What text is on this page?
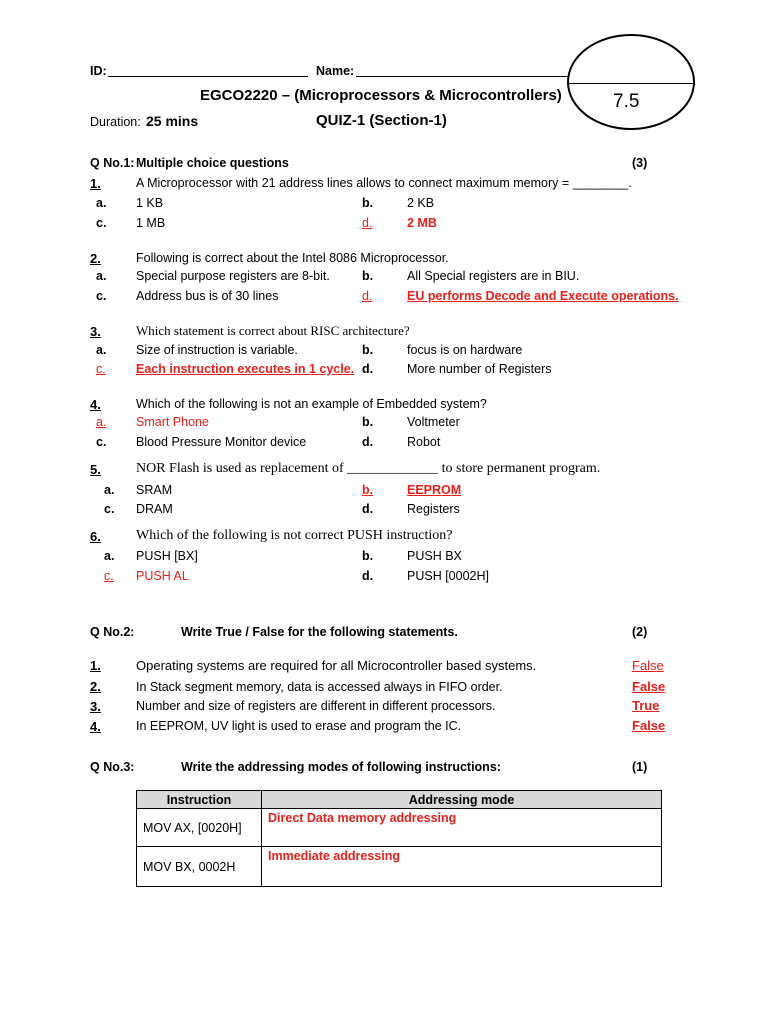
ID:	Name:
7.5
EGCO2220 – (Microprocessors & Microcontrollers)
Duration: 25 mins	QUIZ-1 (Section-1)
Q No.1: Multiple choice questions	(3)
1.	A Microprocessor with 21 address lines allows to connect maximum memory = ________.
a. 1 KB	b.	2 KB
c. 1 MB	d.	2 MB
2.	Following is correct about the Intel 8086 Microprocessor.
a. Special purpose registers are 8-bit.	b.	All Special registers are in BIU.
c. Address bus is of 30 lines	d.	EU performs Decode and Execute operations.
3.	Which statement is correct about RISC architecture?
a. Size of instruction is variable.	b.	focus is on hardware
c. Each instruction executes in 1 cycle. d.	More number of Registers
4.	Which of the following is not an example of Embedded system?
a. Smart Phone	b.	Voltmeter
c. Blood Pressure Monitor device	d.	Robot
5.	NOR Flash is used as replacement of _____________ to store permanent program.
a. SRAM	b.	EEPROM
c. DRAM	d.	Registers
6.	Which of the following is not correct PUSH instruction?
a. PUSH [BX]	b.	PUSH BX
c. PUSH AL	d.	PUSH [0002H]
Q No.2:	Write True / False for the following statements.	(2)
1.	Operating systems are required for all Microcontroller based systems.	False
2.	In Stack segment memory, data is accessed always in FIFO order.	False
3.	Number and size of registers are different in different processors.	True
4.	In EEPROM, UV light is used to erase and program the IC.	False
Q No.3:	Write the addressing modes of following instructions:	(1)
Instruction	Addressing mode
MOV AX, [0020H]	Direct Data memory addressing
MOV BX, 0002H	Immediate addressing
